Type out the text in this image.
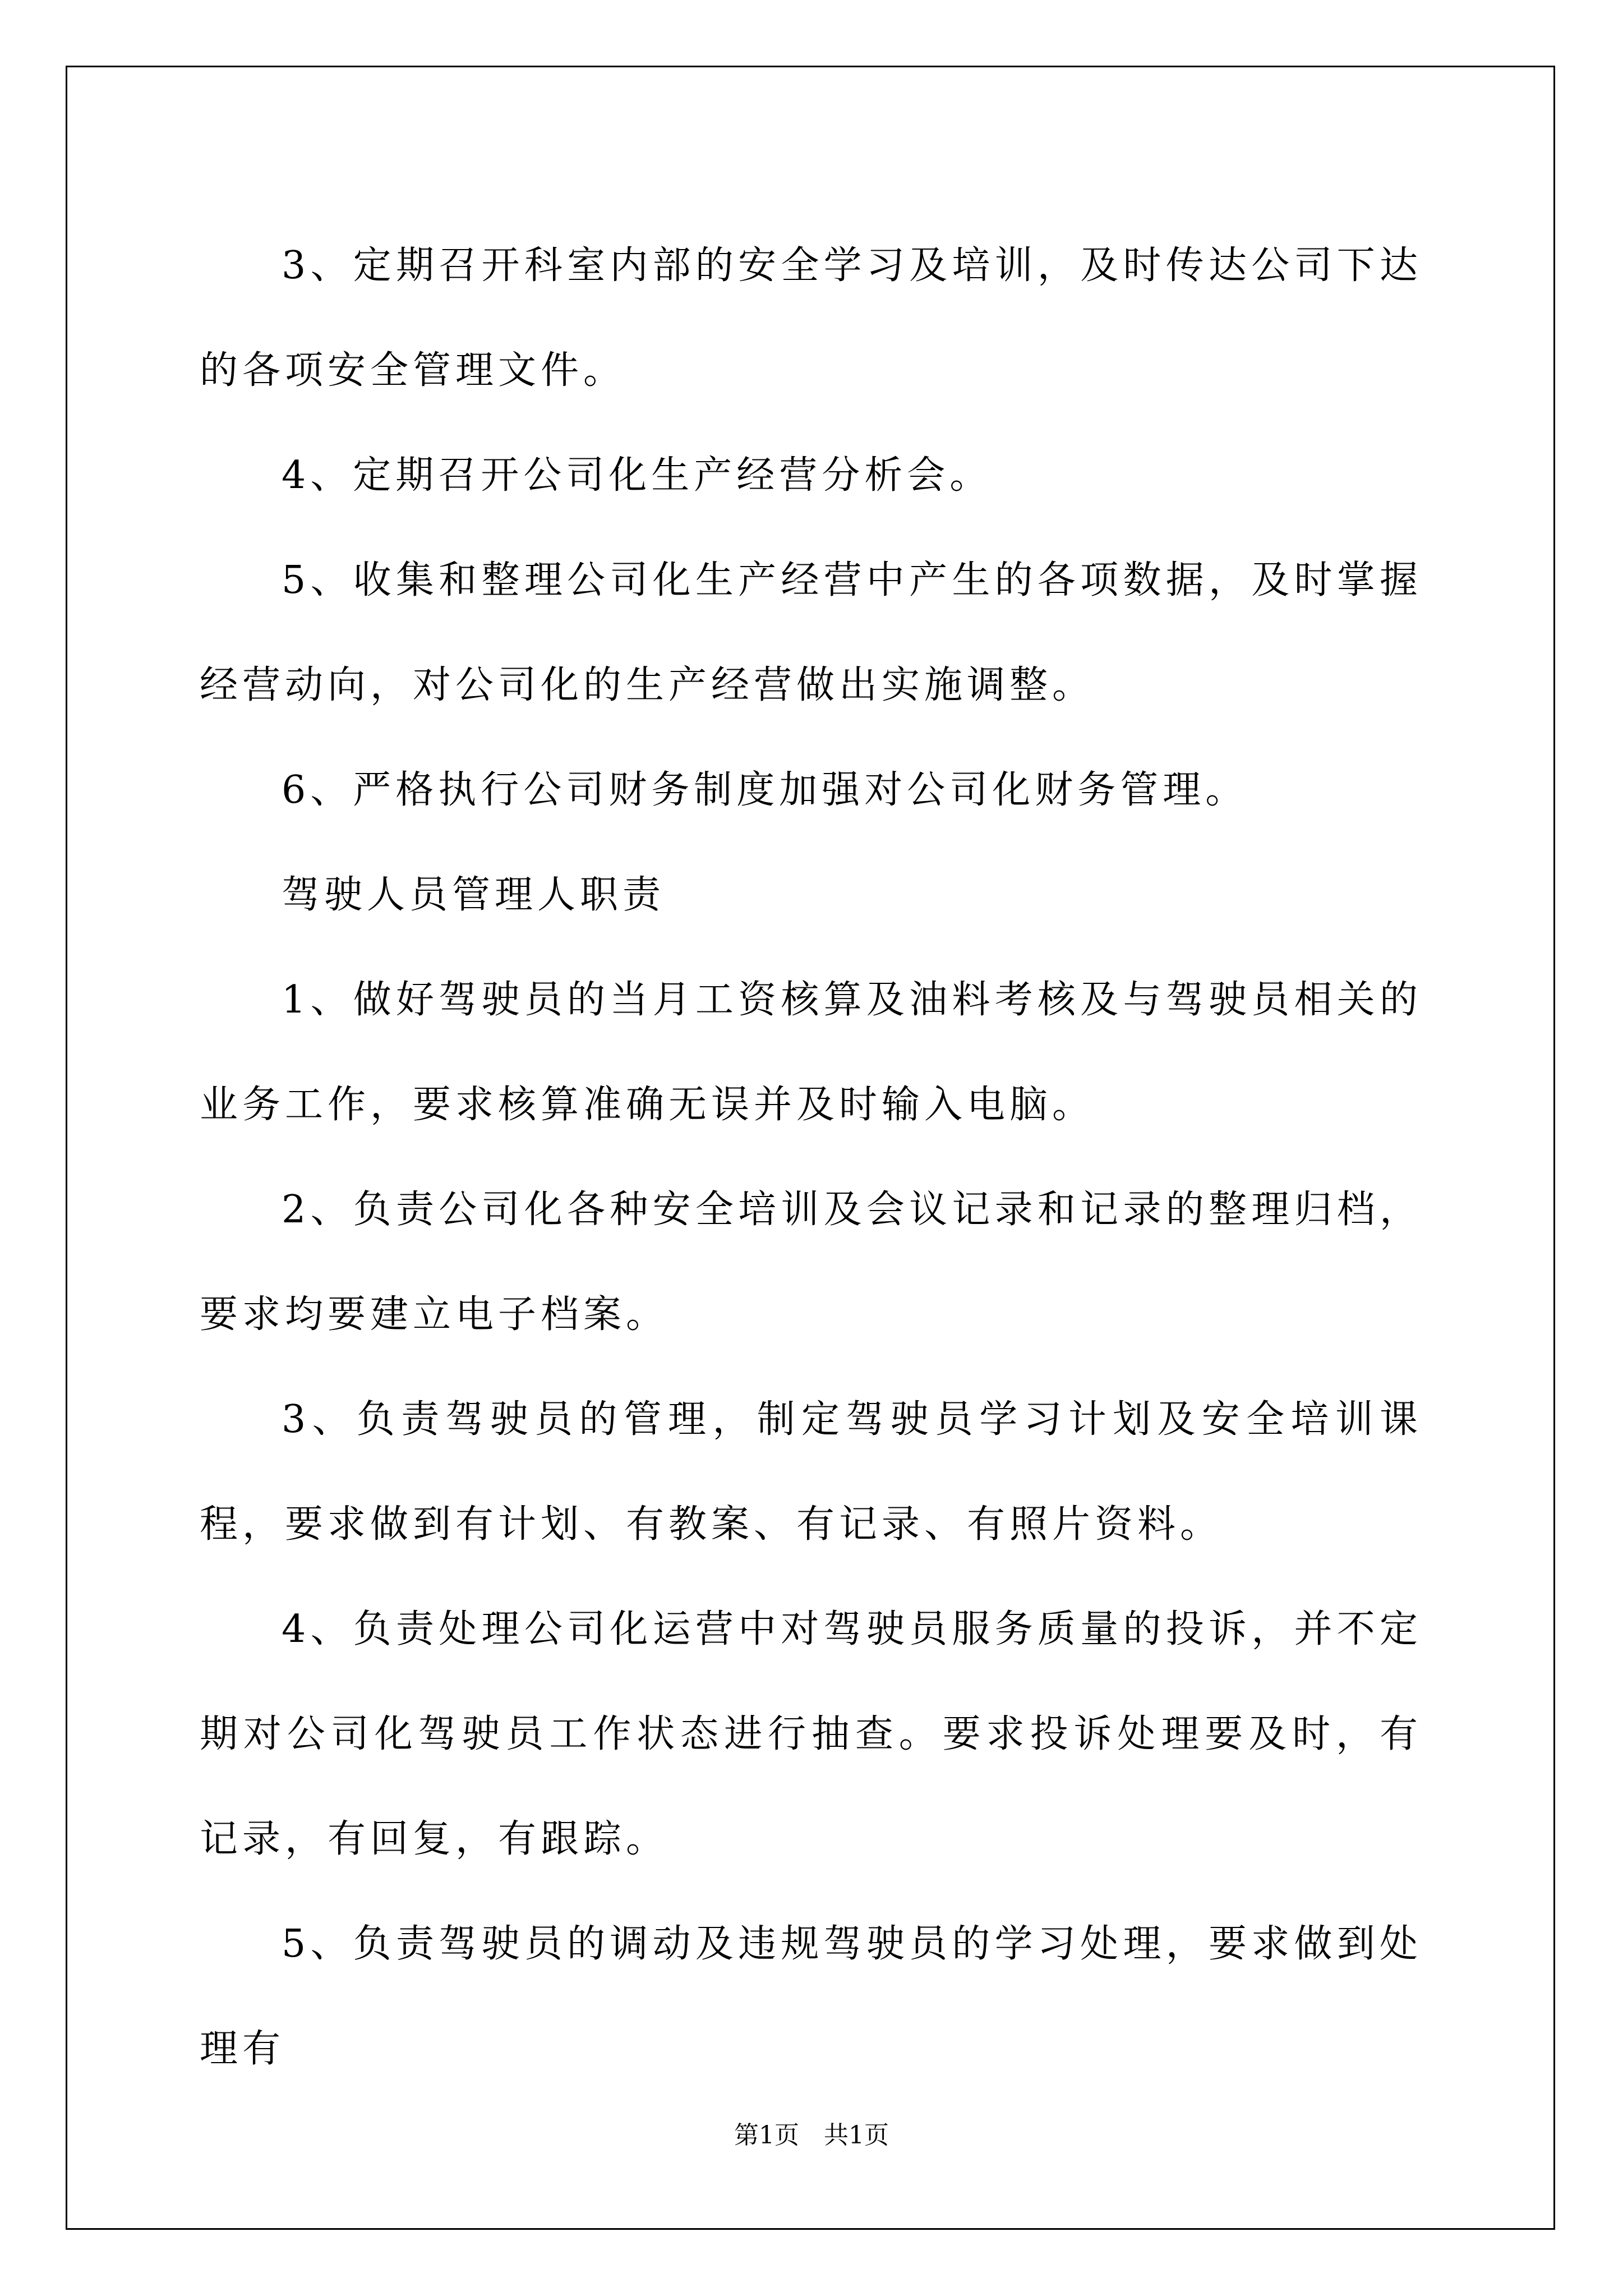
3、定期召开科室内部的安全学习及培训，及时传达公司下达的各项安全管理文件。

4、定期召开公司化生产经营分析会。

5、收集和整理公司化生产经营中产生的各项数据，及时掌握经营动向，对公司化的生产经营做出实施调整。

6、严格执行公司财务制度加强对公司化财务管理。

驾驶人员管理人职责

1、做好驾驶员的当月工资核算及油料考核及与驾驶员相关的业务工作，要求核算准确无误并及时输入电脑。

2、负责公司化各种安全培训及会议记录和记录的整理归档，要求均要建立电子档案。

3、负责驾驶员的管理，制定驾驶员学习计划及安全培训课程，要求做到有计划、有教案、有记录、有照片资料。

4、负责处理公司化运营中对驾驶员服务质量的投诉，并不定期对公司化驾驶员工作状态进行抽查。要求投诉处理要及时，有记录，有回复，有跟踪。

5、负责驾驶员的调动及违规驾驶员的学习处理，要求做到处理有

第1页　共1页
